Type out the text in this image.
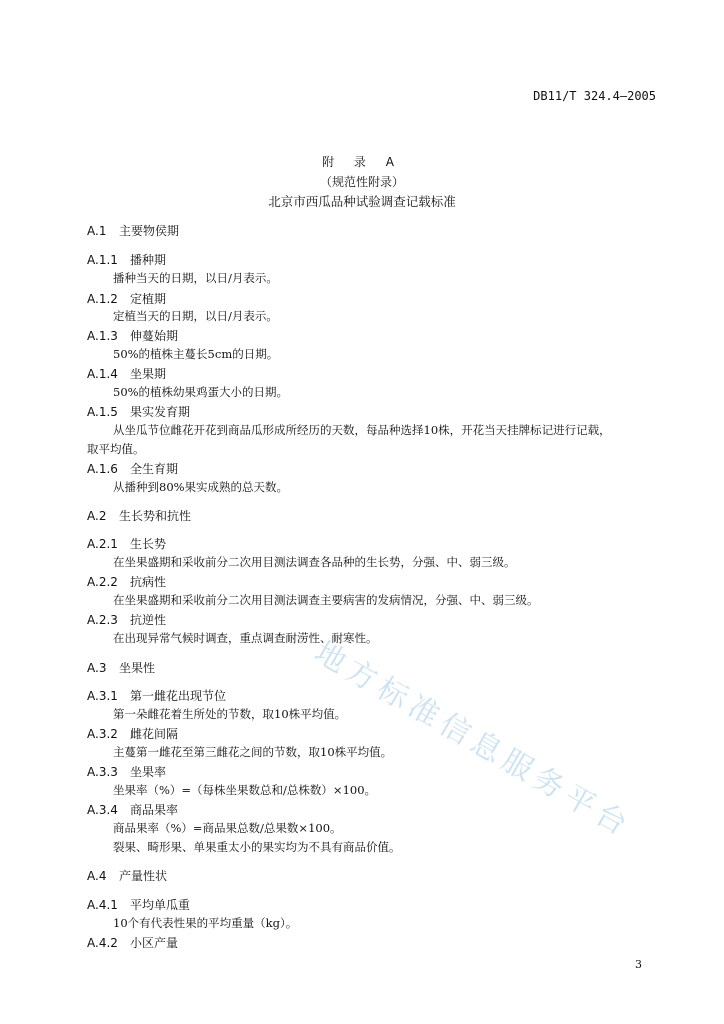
DB11/T 324.4—2005
附 录 A
（规范性附录）
北京市西瓜品种试验调查记载标准
A.1 主要物侯期
A.1.1 播种期
播种当天的日期，以日/月表示。
A.1.2 定植期
定植当天的日期，以日/月表示。
A.1.3 伸蔓始期
50%的植株主蔓长5cm的日期。
A.1.4 坐果期
50%的植株幼果鸡蛋大小的日期。
A.1.5 果实发育期
从坐瓜节位雌花开花到商品瓜形成所经历的天数，每品种选择10株，开花当天挂牌标记进行记载，
取平均值。
A.1.6 全生育期
从播种到80%果实成熟的总天数。
A.2 生长势和抗性
A.2.1 生长势
在坐果盛期和采收前分二次用目测法调查各品种的生长势，分强、中、弱三级。
A.2.2 抗病性
在坐果盛期和采收前分二次用目测法调查主要病害的发病情况，分强、中、弱三级。
A.2.3 抗逆性
在出现异常气候时调查，重点调查耐涝性、耐寒性。
A.3 坐果性
A.3.1 第一雌花出现节位
第一朵雌花着生所处的节数，取10株平均值。
A.3.2 雌花间隔
主蔓第一雌花至第三雌花之间的节数，取10株平均值。
A.3.3 坐果率
坐果率（%）=（每株坐果数总和/总株数）×100。
A.3.4 商品果率
商品果率（%）=商品果总数/总果数×100。
裂果、畸形果、单果重太小的果实均为不具有商品价值。
A.4 产量性状
A.4.1 平均单瓜重
10个有代表性果的平均重量（kg）。
A.4.2 小区产量
地方标准信息服务平台
3
